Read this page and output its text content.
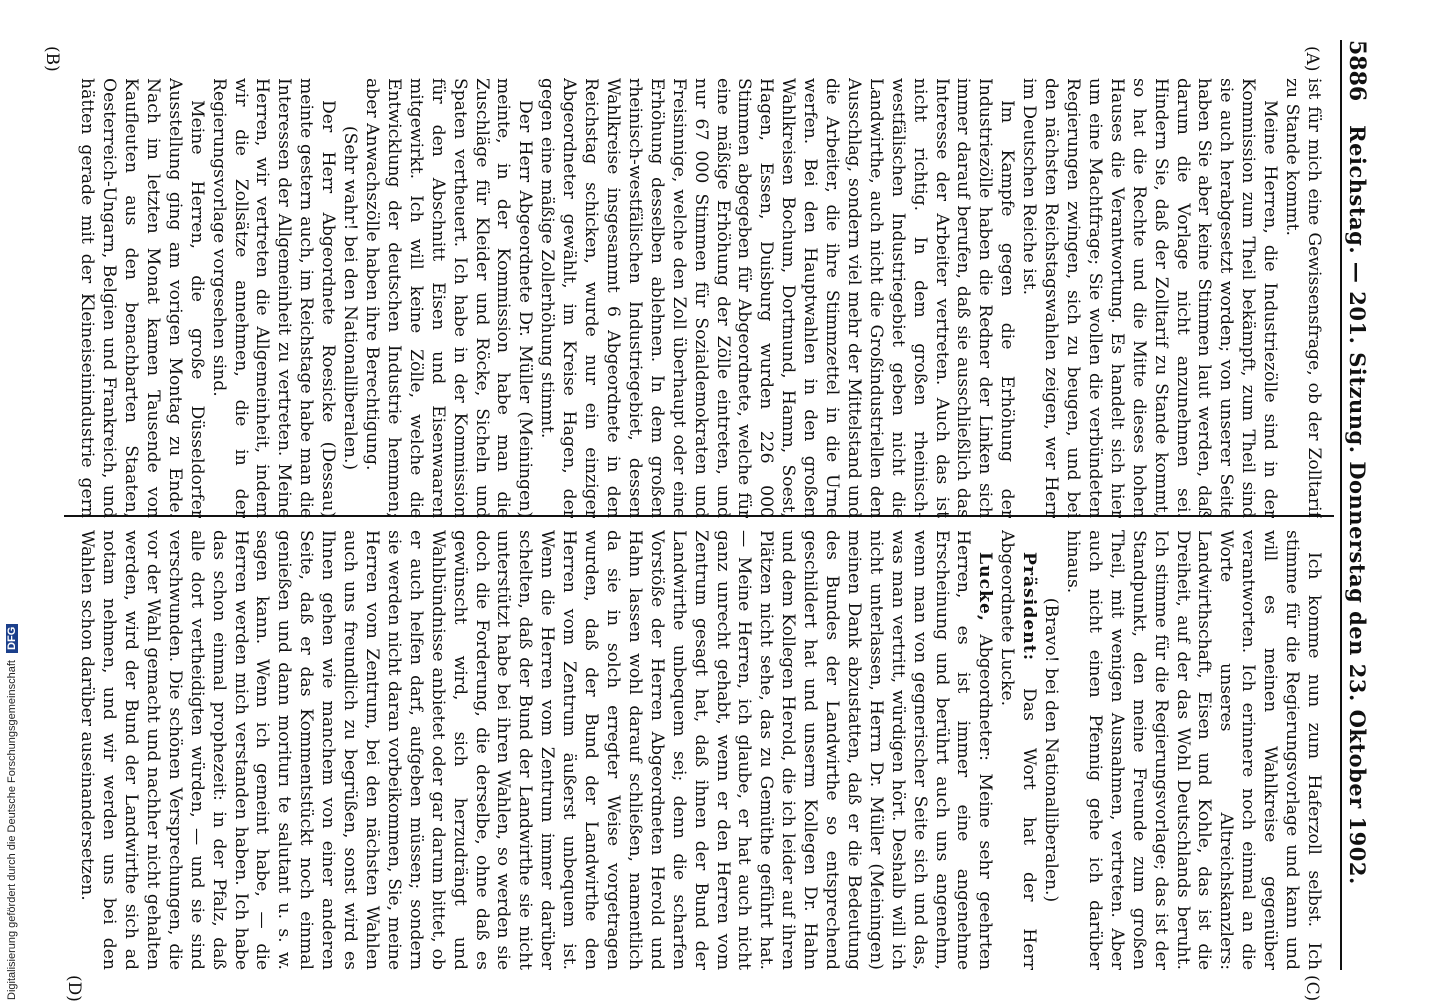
5886
Reichstag. — 201. Sitzung. Donnerstag den 23. Oktober 1902.
(A)
(B)
(C)
(D)

ist für mich eine Gewissensfrage, ob der Zolltarif zu Stande kommt.

Meine Herren, die Industriezölle sind in der Kommission zum Theil bekämpft, zum Theil sind sie auch herabgesetzt worden; von unserer Seite haben Sie aber keine Stimmen laut werden, daß darum die Vorlage nicht anzunehmen sei. Hindern Sie, daß der Zolltarif zu Stande kommt, so hat die Rechte und die Mitte dieses hohen Hauses die Verantwortung. Es handelt sich hier um eine Machtfrage; Sie wollen die verbündeten Regierungen zwingen, sich zu beugen, und bei den nächsten Reichstagswahlen zeigen, wer Herr im Deutschen Reiche ist.

Im Kampfe gegen die Erhöhung der Industriezölle haben die Redner der Linken sich immer darauf berufen, daß sie ausschließlich das Interesse der Arbeiter vertreten. Auch das ist nicht richtig. In dem großen rheinisch-westfälischen Industriegebiet geben nicht die Landwirthe, auch nicht die Großindustriellen den Ausschlag, sondern viel mehr der Mittelstand und die Arbeiter, die ihre Stimmzettel in die Urne werfen. Bei den Hauptwahlen in den großen Wahlkreisen Bochum, Dortmund, Hamm, Soest, Hagen, Essen, Duisburg wurden 226 000 Stimmen abgegeben für Abgeordnete, welche für eine mäßige Erhöhung der Zölle eintreten, und nur 67 000 Stimmen für Sozialdemokraten und Freisinnige, welche den Zoll überhaupt oder eine Erhöhung desselben ablehnen. In dem großen rheinisch-westfälischen Industriegebiet, dessen Wahlkreise insgesammt 6 Abgeordnete in den Reichstag schicken, wurde nur ein einziger Abgeordneter gewählt, im Kreise Hagen, der gegen eine mäßige Zollerhöhung stimmt.

Der Herr Abgeordnete Dr. Müller (Meiningen) meinte, in der Kommission habe man die Zuschläge für Kleider und Röcke, Sicheln und Spaten vertheuert. Ich habe in der Kommission für den Abschnitt Eisen und Eisenwaaren mitgewirkt. Ich will keine Zölle, welche die Entwicklung der deutschen Industrie hemmen; aber Anwachszölle haben ihre Berechtigung.

(Sehr wahr! bei den Nationalliberalen.)

Der Herr Abgeordnete Roesicke (Dessau) meinte gestern auch, im Reichstage habe man die Interessen der Allgemeinheit zu vertreten. Meine Herren, wir vertreten die Allgemeinheit, indem wir die Zollsätze annehmen, die in der Regierungsvorlage vorgesehen sind.

Meine Herren, die große Düsseldorfer Ausstellung ging am vorigen Montag zu Ende. Nach im letzten Monat kamen Tausende von Kaufleuten aus den benachbarten Staaten, Oesterreich-Ungarn, Belgien und Frankreich, und hätten gerade mit der Kleineiseinindustrie gern

Ich komme nun zum Haferzoll selbst. Ich stimme für die Regierungsvorlage und kann und will es meinen Wahlkreise gegenüber verantworten. Ich erinnere noch einmal an die Worte unseres Altreichskanzlers: Landwirthschaft, Eisen und Kohle, das ist die Dreiheit, auf der das Wohl Deutschlands beruht. Ich stimme für die Regierungsvorlage; das ist der Standpunkt, den meine Freunde zum großen Theil, mit wenigen Ausnahmen, vertreten. Aber auch nicht einen Pfennig gehe ich darüber hinaus.

(Bravo! bei den Nationalliberalen.)

Präsident: Das Wort hat der Herr Abgeordnete Lucke.

Lucke, Abgeordneter: Meine sehr geehrten Herren, es ist immer eine angenehme Erscheinung und berührt auch uns angenehm, wenn man von gegnerischer Seite sich und das, was man vertritt, würdigen hört. Deshalb will ich nicht unterlassen, Herrn Dr. Müller (Meiningen) meinen Dank abzustatten, daß er die Bedeutung des Bundes der Landwirthe so entsprechend geschildert hat und unserm Kollegen Dr. Hahn und dem Kollegen Herold, die ich leider auf ihren Plätzen nicht sehe, das zu Gemüthe geführt hat. — Meine Herren, ich glaube, er hat auch nicht ganz unrecht gehabt, wenn er den Herren vom Zentrum gesagt hat, daß ihnen der Bund der Landwirthe unbequem sei; denn die scharfen Vorstöße der Herren Abgeordneten Herold und Hahn lassen wohl darauf schließen, namentlich da sie in solch erregter Weise vorgetragen wurden, daß der Bund der Landwirthe den Herren vom Zentrum äußerst unbequem ist. Wenn die Herren vom Zentrum immer darüber schelten, daß der Bund der Landwirthe sie nicht unterstützt habe bei ihren Wahlen, so werden sie doch die Forderung, die derselbe, ohne daß es gewünscht wird, sich herzudrängt und Wahlbündnisse anbietet oder gar darum bittet, ob er auch helfen darf, aufgeben müssen; sondern sie werden nicht daran vorbeikommen, Sie, meine Herren vom Zentrum, bei den nächsten Wahlen auch uns freundlich zu begrüßen, sonst wird es Ihnen gehen wie manchem von einer anderen Seite, daß er das Kommentstückt noch einmal genießen und dann moriturı te salutant u. s. w. sagen kann. Wenn ich gemeint habe, — die Herren werden mich verstanden haben. Ich habe das schon einmal prophezeit: in der Pfalz, daß alle dort vertheidigten würden, — und sie sind verschwunden. Die schönen Versprechungen, die vor der Wahl gemacht und nachher nicht gehalten werden, wird der Bund der Landwirthe sich ad notam nehmen, und wir werden uns bei den Wahlen schon darüber auseinandersetzen.

Digitalisierung gefördert durch die Deutsche Forschungsgemeinschaft DFG
